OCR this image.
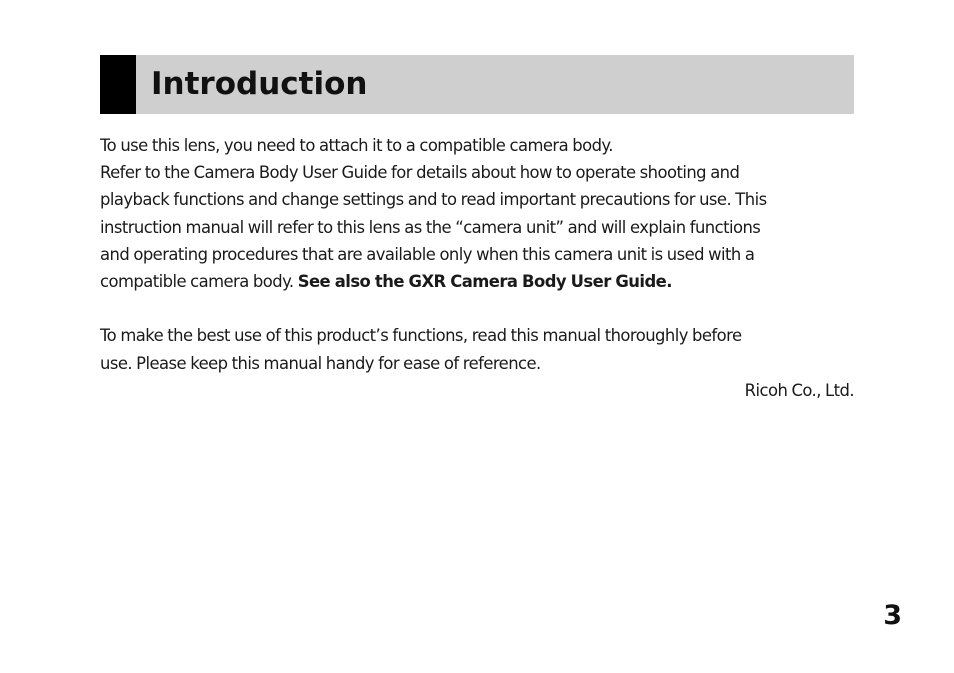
Introduction
To use this lens, you need to attach it to a compatible camera body.
Refer to the Camera Body User Guide for details about how to operate shooting and
playback functions and change settings and to read important precautions for use. This
instruction manual will refer to this lens as the “camera unit” and will explain functions
and operating procedures that are available only when this camera unit is used with a
compatible camera body. See also the GXR Camera Body User Guide.
To make the best use of this product’s functions, read this manual thoroughly before
use. Please keep this manual handy for ease of reference.
Ricoh Co., Ltd.
3
